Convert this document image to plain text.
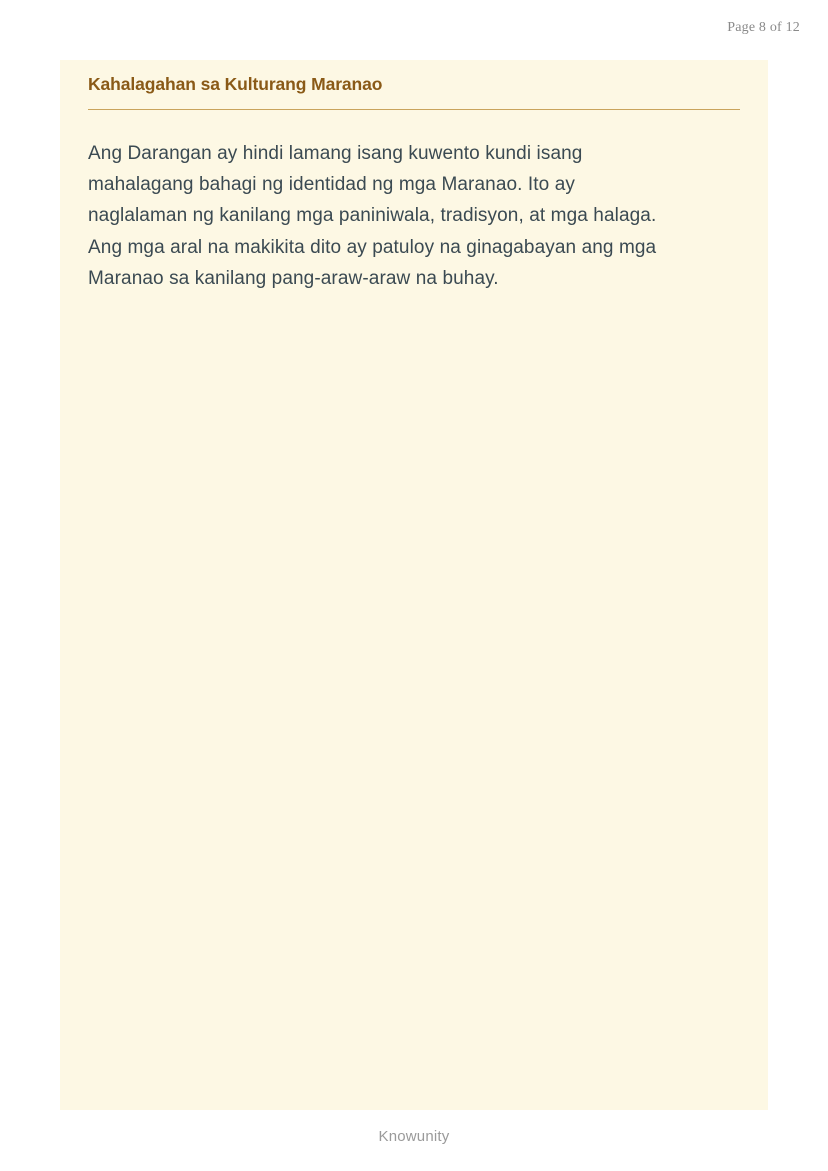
Page 8 of 12
Kahalagahan sa Kulturang Maranao

Ang Darangan ay hindi lamang isang kuwento kundi isang mahalagang bahagi ng identidad ng mga Maranao. Ito ay naglalaman ng kanilang mga paniniwala, tradisyon, at mga halaga. Ang mga aral na makikita dito ay patuloy na ginagabayan ang mga Maranao sa kanilang pang-araw-araw na buhay.

Knowunity
